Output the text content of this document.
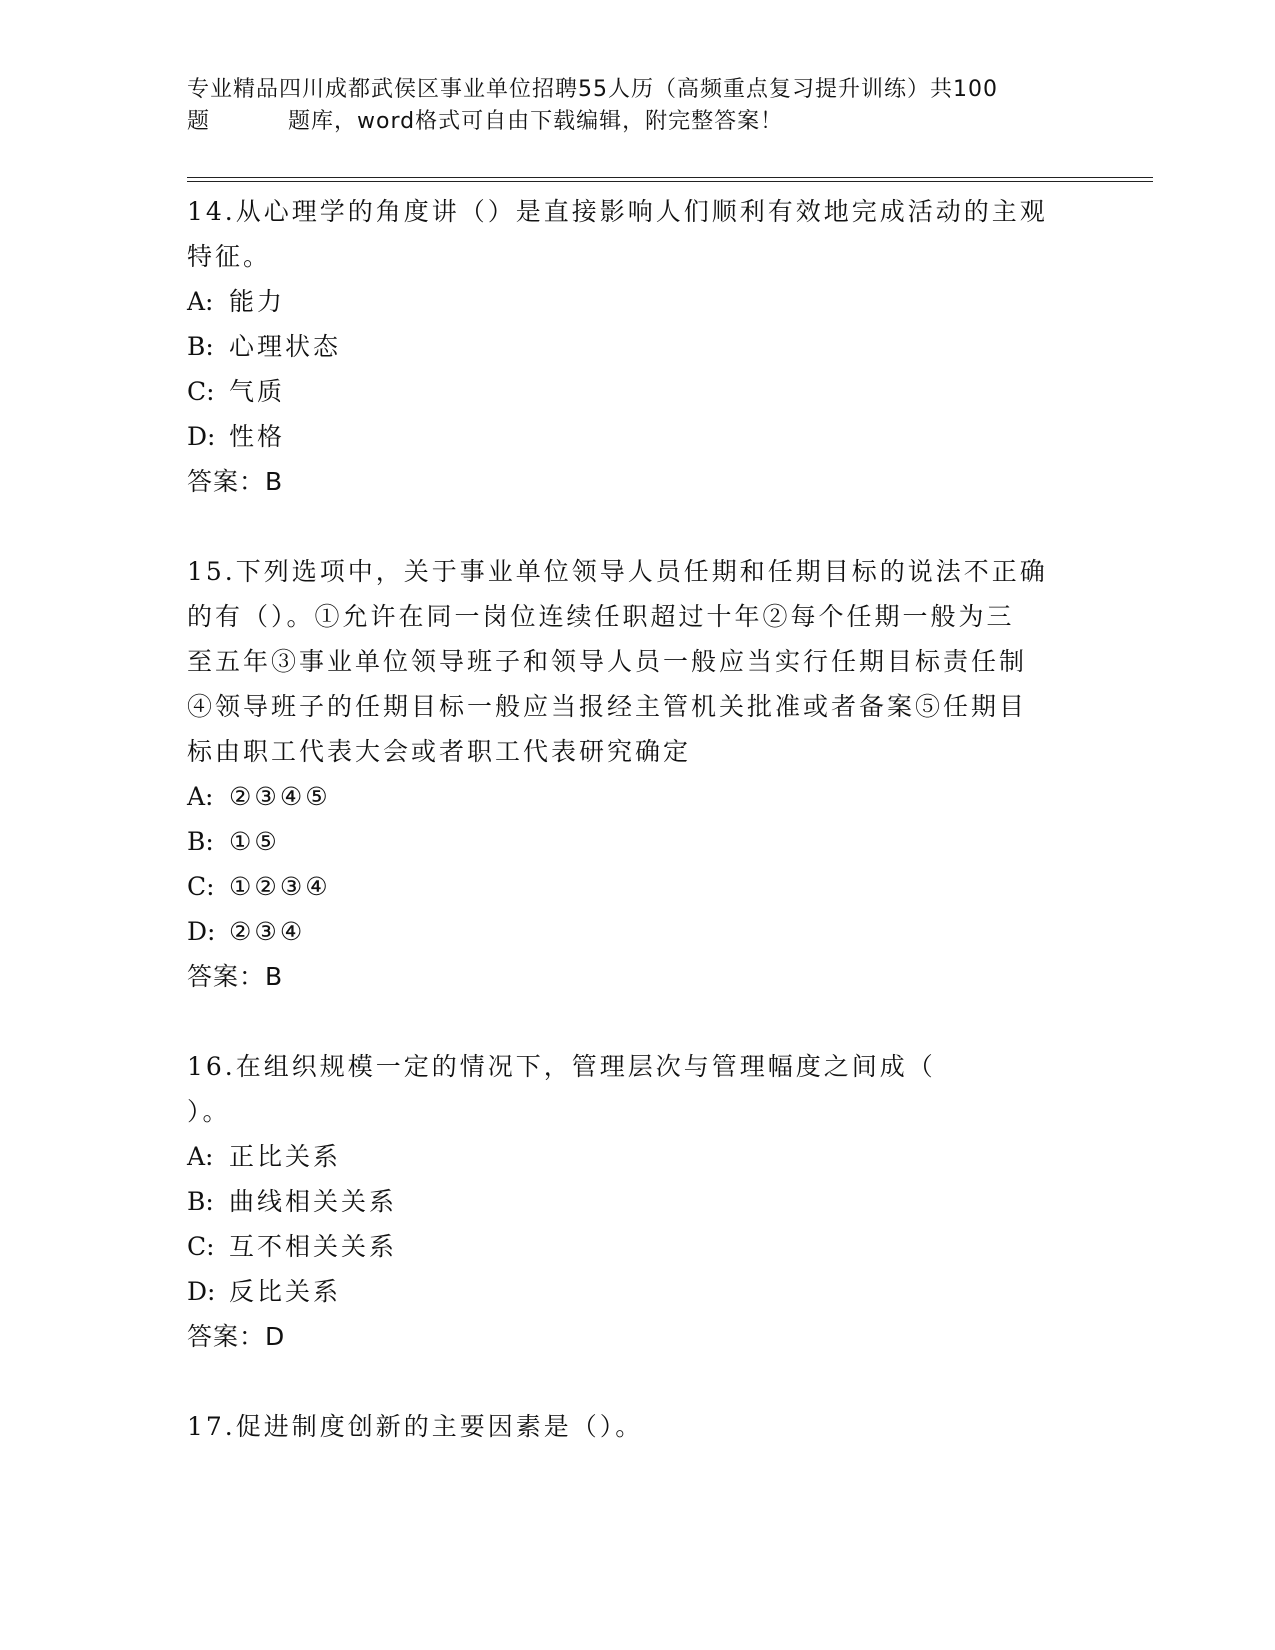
专业精品四川成都武侯区事业单位招聘55人历（高频重点复习提升训练）共100
题	题库，word格式可自由下载编辑，附完整答案！

14.从心理学的角度讲（）是直接影响人们顺利有效地完成活动的主观

特征。

A: 能力

B: 心理状态

C: 气质

D: 性格

答案：B

15.下列选项中，关于事业单位领导人员任期和任期目标的说法不正确

的有（）。①允许在同一岗位连续任职超过十年②每个任期一般为三

至五年③事业单位领导班子和领导人员一般应当实行任期目标责任制

④领导班子的任期目标一般应当报经主管机关批准或者备案⑤任期目

标由职工代表大会或者职工代表研究确定

A: ②③④⑤

B: ①⑤

C: ①②③④

D: ②③④

答案：B

16.在组织规模一定的情况下，管理层次与管理幅度之间成（

）。

A: 正比关系

B: 曲线相关关系

C: 互不相关关系

D: 反比关系

答案：D

17.促进制度创新的主要因素是（）。
